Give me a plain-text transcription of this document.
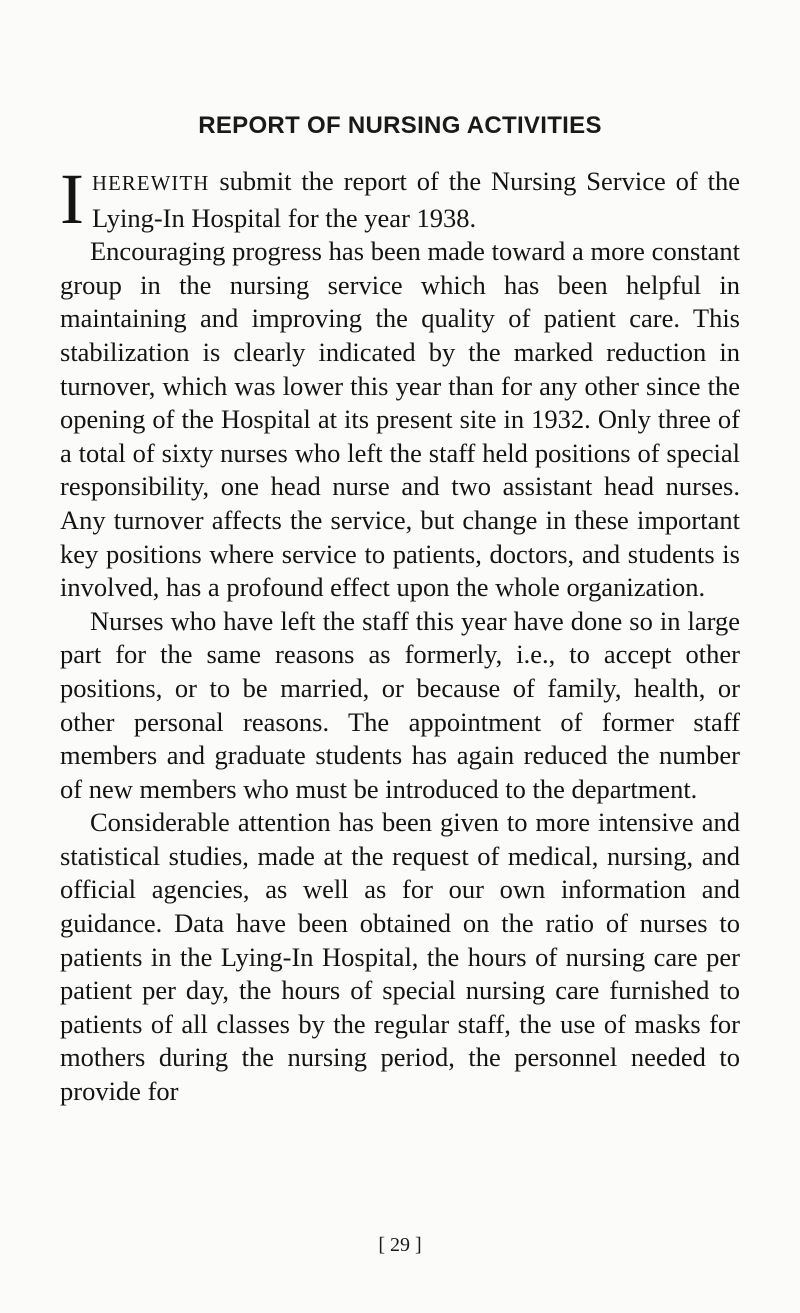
REPORT OF NURSING ACTIVITIES

IHEREWITH submit the report of the Nursing Service of the Lying-In Hospital for the year 1938.

Encouraging progress has been made toward a more constant group in the nursing service which has been helpful in maintaining and improving the quality of patient care. This stabilization is clearly indicated by the marked reduction in turnover, which was lower this year than for any other since the opening of the Hospital at its present site in 1932. Only three of a total of sixty nurses who left the staff held positions of special responsibility, one head nurse and two assistant head nurses. Any turnover affects the service, but change in these important key positions where service to patients, doctors, and students is involved, has a profound effect upon the whole organization.

Nurses who have left the staff this year have done so in large part for the same reasons as formerly, i.e., to accept other positions, or to be married, or because of family, health, or other personal reasons. The appointment of former staff members and graduate students has again reduced the number of new members who must be introduced to the department.

Considerable attention has been given to more intensive and statistical studies, made at the request of medical, nursing, and official agencies, as well as for our own information and guidance. Data have been obtained on the ratio of nurses to patients in the Lying-In Hospital, the hours of nursing care per patient per day, the hours of special nursing care furnished to patients of all classes by the regular staff, the use of masks for mothers during the nursing period, the personnel needed to provide for

[ 29 ]
